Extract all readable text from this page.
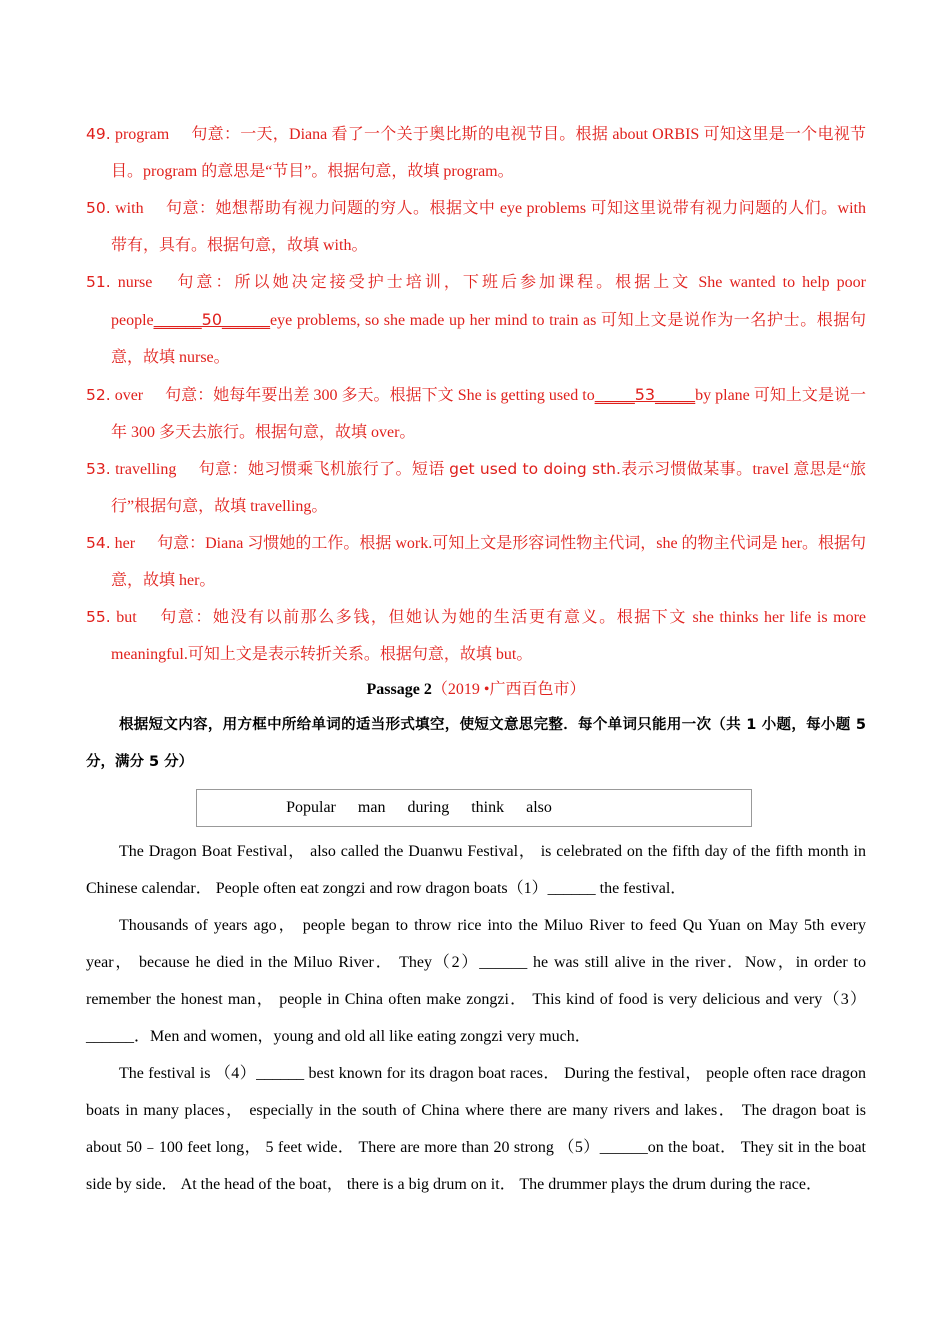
49. program 句意：一天，Diana 看了一个关于奥比斯的电视节目。根据 about ORBIS 可知这里是一个电视节目。program 的意思是“节目”。根据句意，故填 program。
50. with 句意：她想帮助有视力问题的穷人。根据文中 eye problems 可知这里说带有视力问题的人们。with 带有，具有。根据句意，故填 with。
51. nurse 句意：所以她决定接受护士培训，下班后参加课程。根据上文 She wanted to help poor people______50______eye problems, so she made up her mind to train as 可知上文是说作为一名护士。根据句意，故填 nurse。
52. over 句意：她每年要出差 300 多天。根据下文 She is getting used to_____53_____by plane 可知上文是说一年 300 多天去旅行。根据句意，故填 over。
53. travelling 句意：她习惯乘飞机旅行了。短语 get used to doing sth.表示习惯做某事。travel 意思是“旅行”根据句意，故填 travelling。
54. her 句意：Diana 习惯她的工作。根据 work.可知上文是形容词性物主代词，she 的物主代词是 her。根据句意，故填 her。
55. but 句意：她没有以前那么多钱，但她认为她的生活更有意义。根据下文 she thinks her life is more meaningful.可知上文是表示转折关系。根据句意，故填 but。
Passage 2（2019 •广西百色市）
根据短文内容，用方框中所给单词的适当形式填空，使短文意思完整．每个单词只能用一次（共 1 小题，每小题 5 分，满分 5 分）
Popular man during think also

The Dragon Boat Festival， also called the Duanwu Festival， is celebrated on the fifth day of the fifth month in Chinese calendar． People often eat zongzi and row dragon boats（1）______ the festival．

Thousands of years ago， people began to throw rice into the Miluo River to feed Qu Yuan on May 5th every year， because he died in the Miluo River． They（2）______ he was still alive in the river．Now，in order to remember the honest man， people in China often make zongzi． This kind of food is very delicious and very（3）______．Men and women，young and old all like eating zongzi very much．

The festival is （4）______ best known for its dragon boat races． During the festival， people often race dragon boats in many places， especially in the south of China where there are many rivers and lakes． The dragon boat is about 50﹣100 feet long， 5 feet wide． There are more than 20 strong （5）______on the boat． They sit in the boat side by side． At the head of the boat， there is a big drum on it． The drummer plays the drum during the race．
